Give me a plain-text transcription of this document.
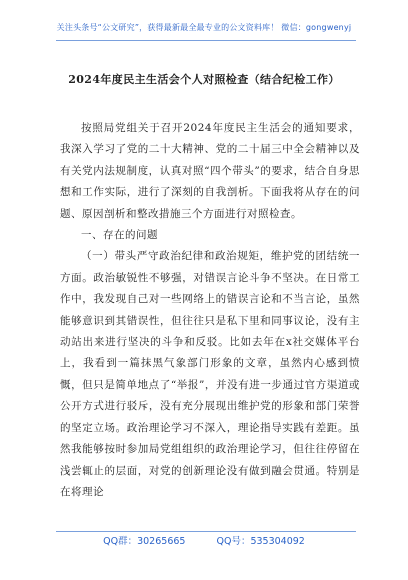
关注头条号“公文研究”，获得最新最全最专业的公文资料库！ 微信：gongwenyj
2024年度民主生活会个人对照检查（结合纪检工作）

按照局党组关于召开2024年度民主生活会的通知要求，我深入学习了党的二十大精神、党的二十届三中全会精神以及有关党内法规制度，认真对照“四个带头”的要求，结合自身思想和工作实际，进行了深刻的自我剖析。下面我将从存在的问题、原因剖析和整改措施三个方面进行对照检查。

一、存在的问题

（一）带头严守政治纪律和政治规矩，维护党的团结统一方面。政治敏锐性不够强，对错误言论斗争不坚决。在日常工作中，我发现自己对一些网络上的错误言论和不当言论，虽然能够意识到其错误性，但往往只是私下里和同事议论，没有主动站出来进行坚决的斗争和反驳。比如去年在x社交媒体平台上，我看到一篇抹黑气象部门形象的文章，虽然内心感到愤慨，但只是简单地点了“举报”，并没有进一步通过官方渠道或公开方式进行驳斥，没有充分展现出维护党的形象和部门荣誉的坚定立场。政治理论学习不深入，理论指导实践有差距。虽然我能够按时参加局党组组织的政治理论学习，但往往停留在浅尝辄止的层面，对党的创新理论没有做到融会贯通。特别是在将理论

QQ群：30265665	QQ号：535304092
